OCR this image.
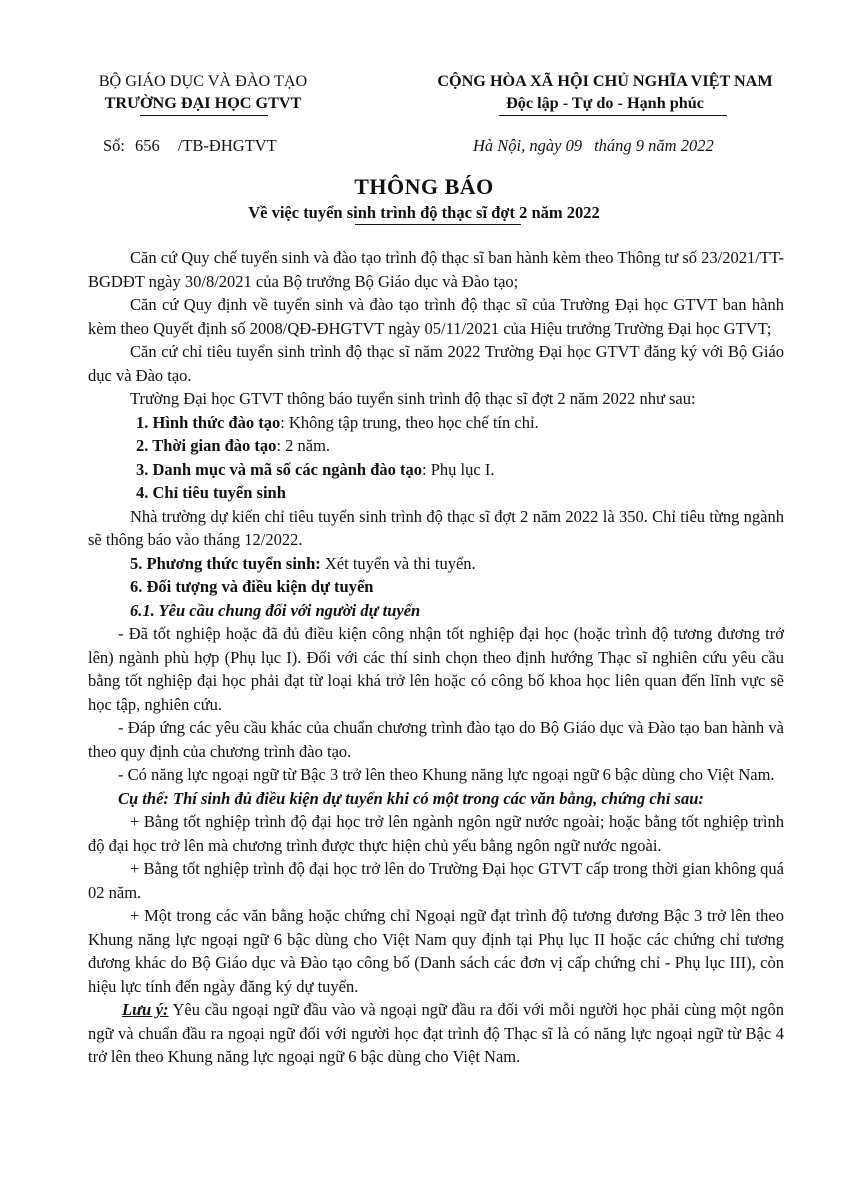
BỘ GIÁO DỤC VÀ ĐÀO TẠO
TRƯỜNG ĐẠI HỌC GTVT
CỘNG HÒA XÃ HỘI CHỦ NGHĨA VIỆT NAM
Độc lập - Tự do - Hạnh phúc
Số: 656 /TB-ĐHGTVT	Hà Nội, ngày 09 tháng 9 năm 2022
THÔNG BÁO
Về việc tuyển sinh trình độ thạc sĩ đợt 2 năm 2022

Căn cứ Quy chế tuyển sinh và đào tạo trình độ thạc sĩ ban hành kèm theo Thông tư số 23/2021/TT-BGDĐT ngày 30/8/2021 của Bộ trưởng Bộ Giáo dục và Đào tạo;

Căn cứ Quy định về tuyển sinh và đào tạo trình độ thạc sĩ của Trường Đại học GTVT ban hành kèm theo Quyết định số 2008/QĐ-ĐHGTVT ngày 05/11/2021 của Hiệu trưởng Trường Đại học GTVT;

Căn cứ chỉ tiêu tuyển sinh trình độ thạc sĩ năm 2022 Trường Đại học GTVT đăng ký với Bộ Giáo dục và Đào tạo.

Trường Đại học GTVT thông báo tuyển sinh trình độ thạc sĩ đợt 2 năm 2022 như sau:

1. Hình thức đào tạo: Không tập trung, theo học chế tín chỉ.

2. Thời gian đào tạo: 2 năm.

3. Danh mục và mã số các ngành đào tạo: Phụ lục I.

4. Chỉ tiêu tuyển sinh

Nhà trường dự kiến chỉ tiêu tuyển sinh trình độ thạc sĩ đợt 2 năm 2022 là 350. Chỉ tiêu từng ngành sẽ thông báo vào tháng 12/2022.

5. Phương thức tuyển sinh: Xét tuyển và thi tuyển.

6. Đối tượng và điều kiện dự tuyển

6.1. Yêu cầu chung đối với người dự tuyển

- Đã tốt nghiệp hoặc đã đủ điều kiện công nhận tốt nghiệp đại học (hoặc trình độ tương đương trở lên) ngành phù hợp (Phụ lục I). Đối với các thí sinh chọn theo định hướng Thạc sĩ nghiên cứu yêu cầu bằng tốt nghiệp đại học phải đạt từ loại khá trở lên hoặc có công bố khoa học liên quan đến lĩnh vực sẽ học tập, nghiên cứu.

- Đáp ứng các yêu cầu khác của chuẩn chương trình đào tạo do Bộ Giáo dục và Đào tạo ban hành và theo quy định của chương trình đào tạo.

- Có năng lực ngoại ngữ từ Bậc 3 trở lên theo Khung năng lực ngoại ngữ 6 bậc dùng cho Việt Nam.

Cụ thể: Thí sinh đủ điều kiện dự tuyển khi có một trong các văn bằng, chứng chỉ sau:

+ Bằng tốt nghiệp trình độ đại học trở lên ngành ngôn ngữ nước ngoài; hoặc bằng tốt nghiệp trình độ đại học trở lên mà chương trình được thực hiện chủ yếu bằng ngôn ngữ nước ngoài.

+ Bằng tốt nghiệp trình độ đại học trở lên do Trường Đại học GTVT cấp trong thời gian không quá 02 năm.

+ Một trong các văn bằng hoặc chứng chỉ Ngoại ngữ đạt trình độ tương đương Bậc 3 trở lên theo Khung năng lực ngoại ngữ 6 bậc dùng cho Việt Nam quy định tại Phụ lục II hoặc các chứng chỉ tương đương khác do Bộ Giáo dục và Đào tạo công bố (Danh sách các đơn vị cấp chứng chỉ - Phụ lục III), còn hiệu lực tính đến ngày đăng ký dự tuyển.

Lưu ý: Yêu cầu ngoại ngữ đầu vào và ngoại ngữ đầu ra đối với mỗi người học phải cùng một ngôn ngữ và chuẩn đầu ra ngoại ngữ đối với người học đạt trình độ Thạc sĩ là có năng lực ngoại ngữ từ Bậc 4 trở lên theo Khung năng lực ngoại ngữ 6 bậc dùng cho Việt Nam.
